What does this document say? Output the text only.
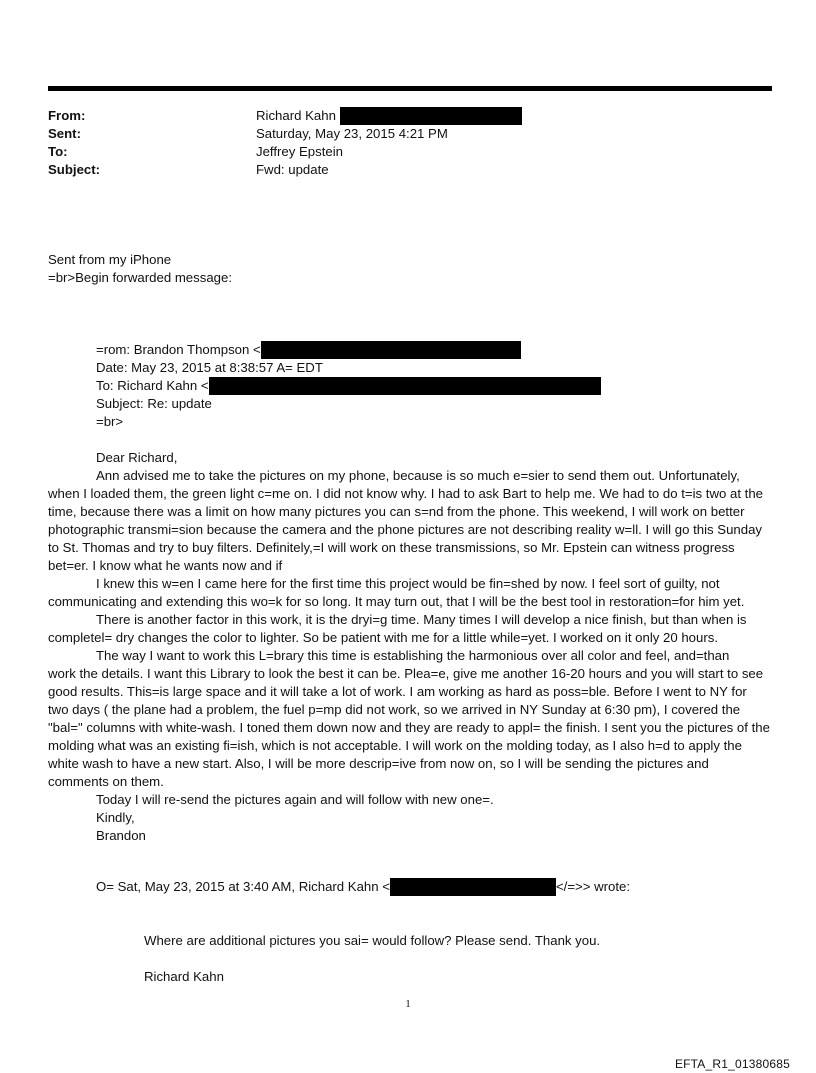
From:	Richard Kahn
Sent:	Saturday, May 23, 2015 4:21 PM
To:	Jeffrey Epstein
Subject:	Fwd: update
Sent from my iPhone
=br>Begin forwarded message:
=rom: Brandon Thompson <
Date: May 23, 2015 at 8:38:57 A= EDT
To: Richard Kahn <
Subject: Re: update
=br>
Dear Richard,
Ann advised me to take the pictures on my phone, because is so much e=sier to send them out. Unfortunately,

when I loaded them, the green light c=me on. I did not know why. I had to ask Bart to help me. We had to do t=is two at the time, because there was a limit on how many pictures you can s=nd from the phone. This weekend, I will work on better photographic transmi=sion because the camera and the phone pictures are not describing reality w=ll. I will go this Sunday to St. Thomas and try to buy filters. Definitely,=I will work on these transmissions, so Mr. Epstein can witness progress bet=er. I know what he wants now and if

I knew this w=en I came here for the first time this project would be fin=shed by now. I feel sort of guilty, not

communicating and extending this wo=k for so long. It may turn out, that I will be the best tool in restoration=for him yet.

There is another factor in this work, it is the dryi=g time. Many times I will develop a nice finish, but than when is

completel= dry changes the color to lighter. So be patient with me for a little while=yet. I worked on it only 20 hours.

The way I want to work this L=brary this time is establishing the harmonious over all color and feel, and=than

work the details. I want this Library to look the best it can be. Plea=e, give me another 16-20 hours and you will start to see good results. This=is large space and it will take a lot of work. I am working as hard as poss=ble. Before I went to NY for two days ( the plane had a problem, the fuel p=mp did not work, so we arrived in NY Sunday at 6:30 pm), I covered the "bal=" columns with white-wash. I toned them down now and they are ready to appl= the finish. I sent you the pictures of the molding what was an existing fi=ish, which is not acceptable. I will work on the molding today, as I also h=d to apply the white wash to have a new start. Also, I will be more descrip=ive from now on, so I will be sending the pictures and comments on them.

Today I will re-send the pictures again and will follow with new one=.
Kindly,
Brandon
O= Sat, May 23, 2015 at 3:40 AM, Richard Kahn <	</=>> wrote:
Where are additional pictures you sai= would follow? Please send. Thank you.
Richard Kahn
1
EFTA_R1_01380685
